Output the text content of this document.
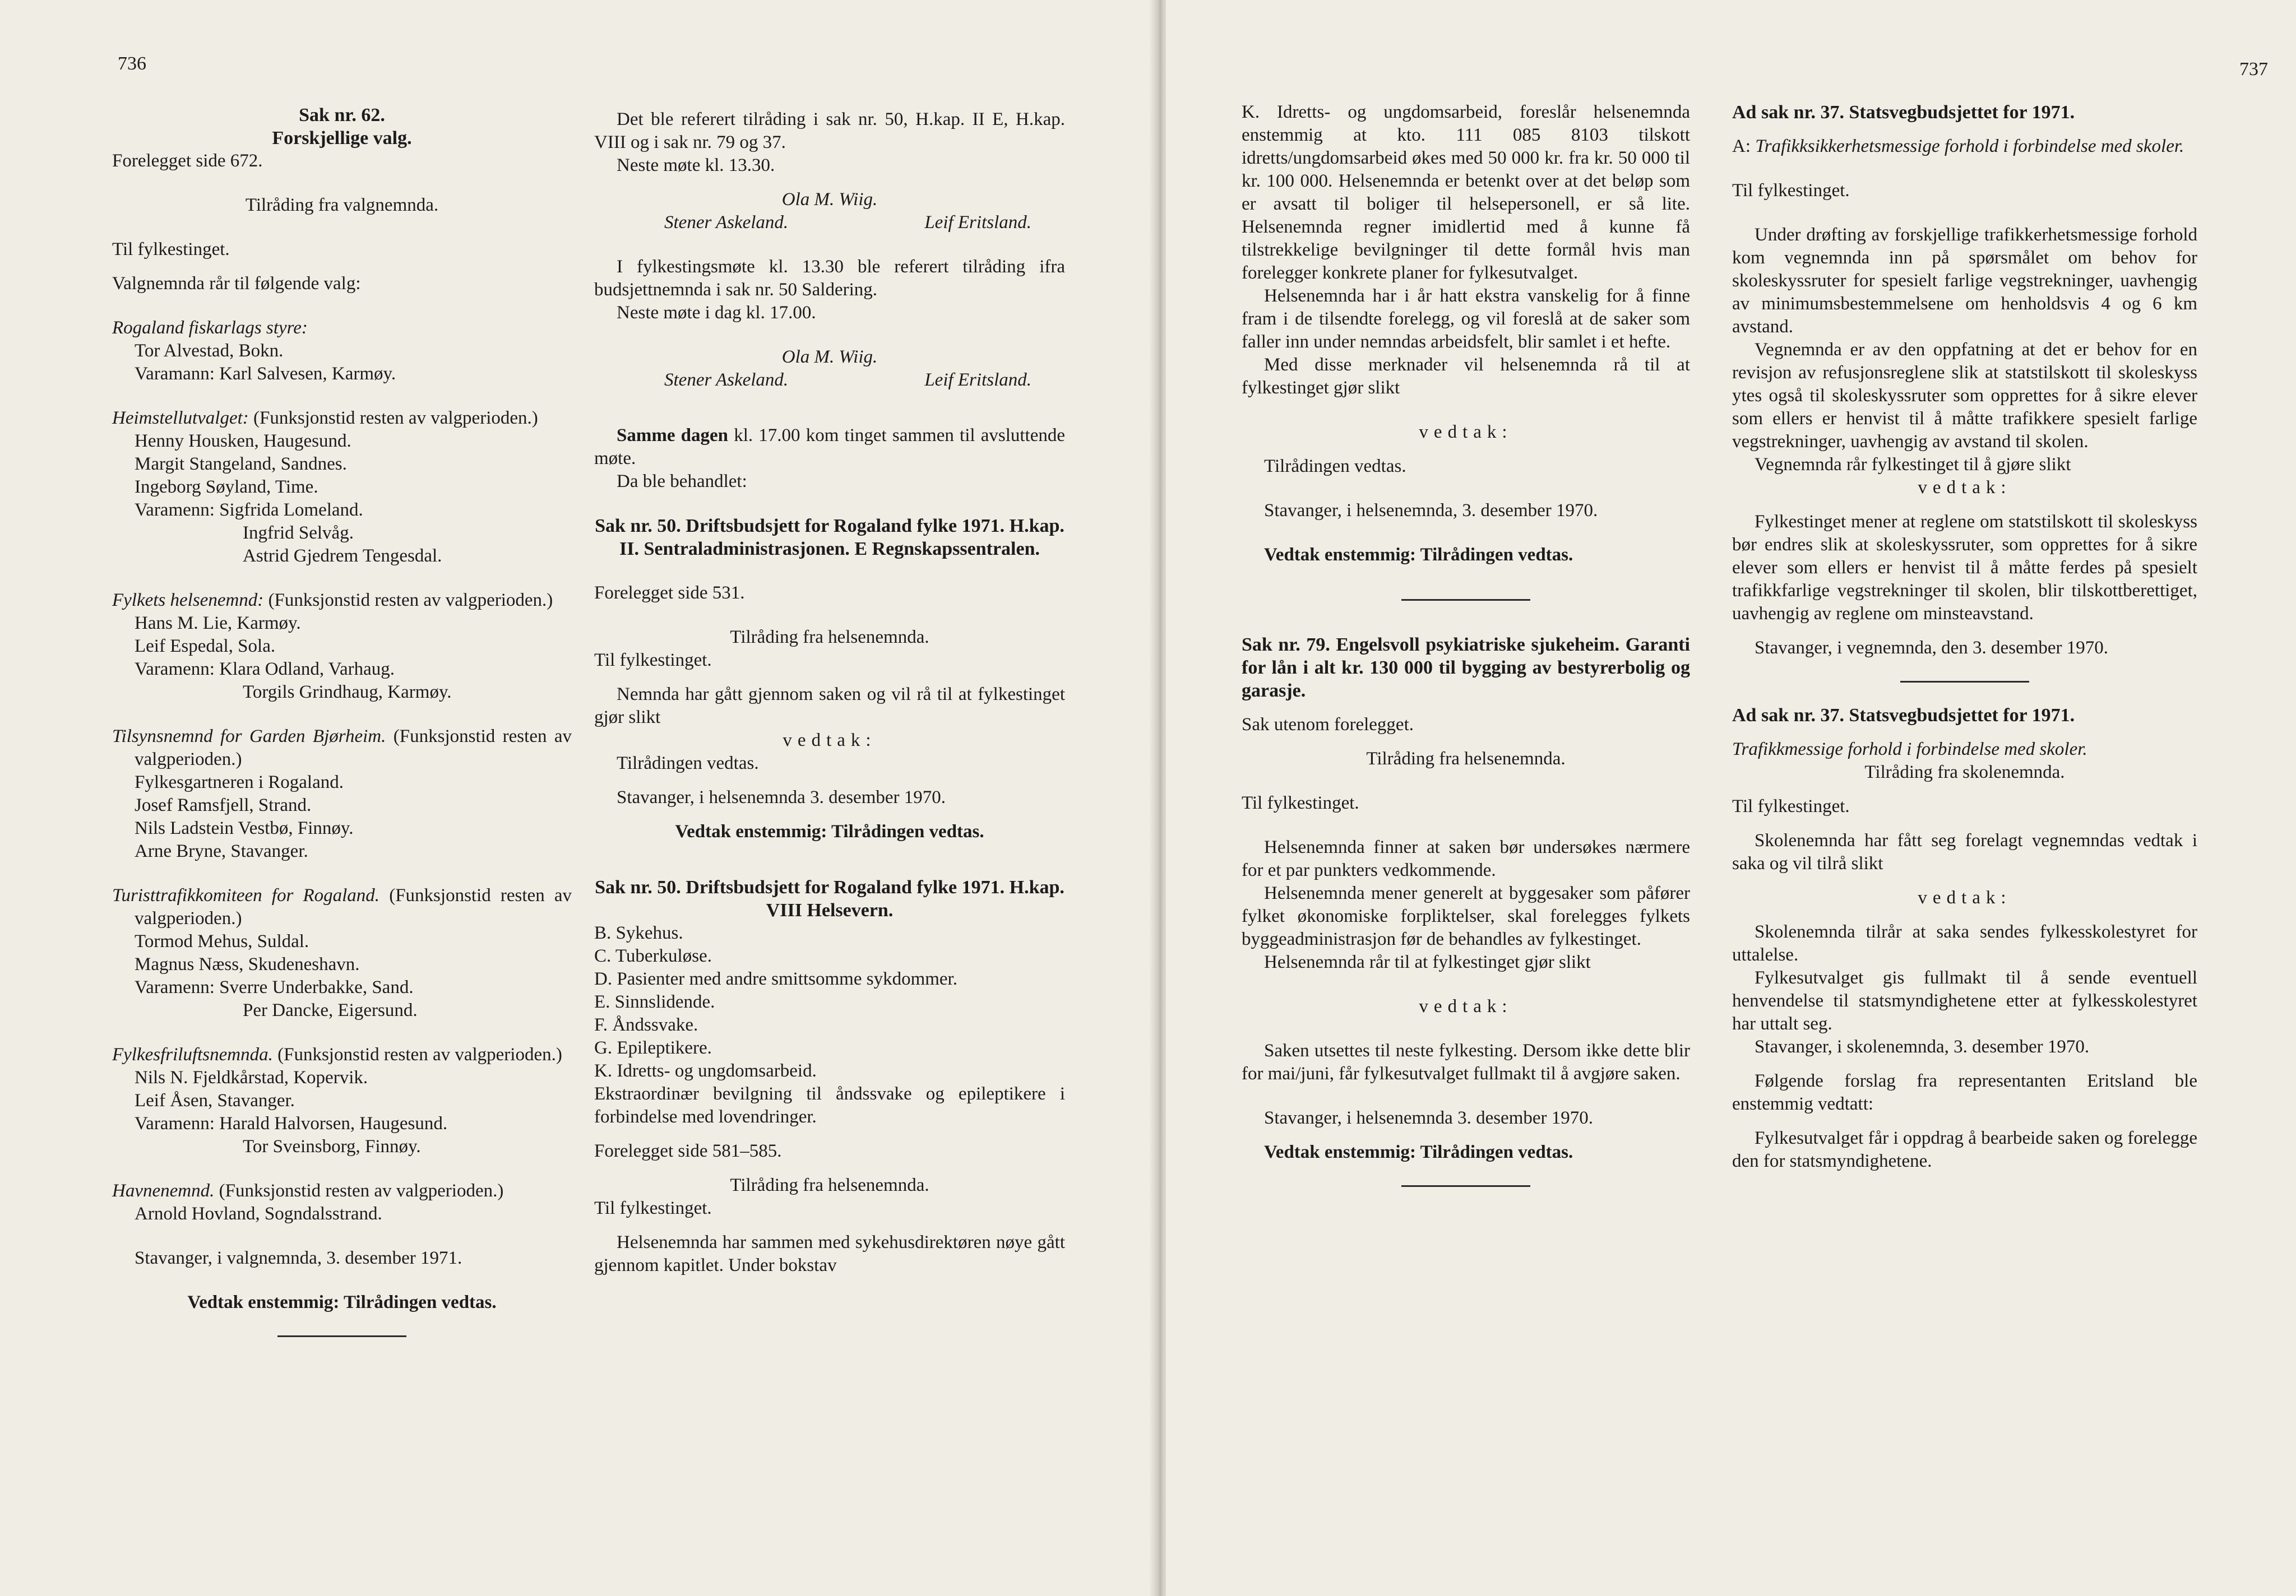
736

Sak nr. 62.

Forskjellige valg.

Forelegget side 672.

Tilråding fra valgnemnda.

Til fylkestinget.

Valgnemnda rår til følgende valg:

Rogaland fiskarlags styre:

Tor Alvestad, Bokn.

Varamann: Karl Salvesen, Karmøy.

Heimstellutvalget: (Funksjonstid resten av valgperioden.)

Henny Housken, Haugesund.

Margit Stangeland, Sandnes.

Ingeborg Søyland, Time.

Varamenn: Sigfrida Lomeland.

Ingfrid Selvåg.

Astrid Gjedrem Tengesdal.

Fylkets helsenemnd: (Funksjonstid resten av valgperioden.)

Hans M. Lie, Karmøy.

Leif Espedal, Sola.

Varamenn: Klara Odland, Varhaug.

Torgils Grindhaug, Karmøy.

Tilsynsnemnd for Garden Bjørheim. (Funksjonstid resten av valgperioden.)

Fylkesgartneren i Rogaland.

Josef Ramsfjell, Strand.

Nils Ladstein Vestbø, Finnøy.

Arne Bryne, Stavanger.

Turisttrafikkomiteen for Rogaland. (Funksjonstid resten av valgperioden.)

Tormod Mehus, Suldal.

Magnus Næss, Skudeneshavn.

Varamenn: Sverre Underbakke, Sand.

Per Dancke, Eigersund.

Fylkesfriluftsnemnda. (Funksjonstid resten av valgperioden.)

Nils N. Fjeldkårstad, Kopervik.

Leif Åsen, Stavanger.

Varamenn: Harald Halvorsen, Haugesund.

Tor Sveinsborg, Finnøy.

Havnenemnd. (Funksjonstid resten av valgperioden.)

Arnold Hovland, Sogndalsstrand.

Stavanger, i valgnemnda, 3. desember 1971.

Vedtak enstemmig: Tilrådingen vedtas.

Det ble referert tilråding i sak nr. 50, H.kap. II E, H.kap. VIII og i sak nr. 79 og 37.

Neste møte kl. 13.30.

Ola M. Wiig.

Stener Askeland.	Leif Eritsland.

I fylkestingsmøte kl. 13.30 ble referert tilråding ifra budsjettnemnda i sak nr. 50 Saldering.

Neste møte i dag kl. 17.00.

Ola M. Wiig.

Stener Askeland.	Leif Eritsland.

Samme dagen kl. 17.00 kom tinget sammen til avsluttende møte.

Da ble behandlet:

Sak nr. 50. Driftsbudsjett for Rogaland fylke 1971. H.kap. II. Sentraladministrasjonen. E Regnskapssentralen.

Forelegget side 531.

Tilråding fra helsenemnda.

Til fylkestinget.

Nemnda har gått gjennom saken og vil rå til at fylkestinget gjør slikt

vedtak:

Tilrådingen vedtas.

Stavanger, i helsenemnda 3. desember 1970.

Vedtak enstemmig: Tilrådingen vedtas.

Sak nr. 50. Driftsbudsjett for Rogaland fylke 1971. H.kap. VIII Helsevern.

B. Sykehus.

C. Tuberkuløse.

D. Pasienter med andre smittsomme sykdommer.

E. Sinnslidende.

F. Åndssvake.

G. Epileptikere.

K. Idretts- og ungdomsarbeid.

Ekstraordinær bevilgning til åndssvake og epileptikere i forbindelse med lovendringer.

Forelegget side 581–585.

Tilråding fra helsenemnda.

Til fylkestinget.

Helsenemnda har sammen med sykehusdirektøren nøye gått gjennom kapitlet. Under bokstav

737

K. Idretts- og ungdomsarbeid, foreslår helsenemnda enstemmig at kto. 111 085 8103 tilskott idretts/ungdomsarbeid økes med 50 000 kr. fra kr. 50 000 til kr. 100 000. Helsenemnda er betenkt over at det beløp som er avsatt til boliger til helsepersonell, er så lite. Helsenemnda regner imidlertid med å kunne få tilstrekkelige bevilgninger til dette formål hvis man forelegger konkrete planer for fylkesutvalget.

Helsenemnda har i år hatt ekstra vanskelig for å finne fram i de tilsendte forelegg, og vil foreslå at de saker som faller inn under nemndas arbeidsfelt, blir samlet i et hefte.

Med disse merknader vil helsenemnda rå til at fylkestinget gjør slikt

vedtak:

Tilrådingen vedtas.

Stavanger, i helsenemnda, 3. desember 1970.

Vedtak enstemmig: Tilrådingen vedtas.

Sak nr. 79. Engelsvoll psykiatriske sjukeheim. Garanti for lån i alt kr. 130 000 til bygging av bestyrerbolig og garasje.

Sak utenom forelegget.

Tilråding fra helsenemnda.

Til fylkestinget.

Helsenemnda finner at saken bør undersøkes nærmere for et par punkters vedkommende.

Helsenemnda mener generelt at byggesaker som påfører fylket økonomiske forpliktelser, skal forelegges fylkets byggeadministrasjon før de behandles av fylkestinget.

Helsenemnda rår til at fylkestinget gjør slikt

vedtak:

Saken utsettes til neste fylkesting. Dersom ikke dette blir for mai/juni, får fylkesutvalget fullmakt til å avgjøre saken.

Stavanger, i helsenemnda 3. desember 1970.

Vedtak enstemmig: Tilrådingen vedtas.

Ad sak nr. 37. Statsvegbudsjettet for 1971.

A: Trafikksikkerhetsmessige forhold i forbindelse med skoler.

Til fylkestinget.

Under drøfting av forskjellige trafikkerhetsmessige forhold kom vegnemnda inn på spørsmålet om behov for skoleskyssruter for spesielt farlige vegstrekninger, uavhengig av minimumsbestemmelsene om henholdsvis 4 og 6 km avstand.

Vegnemnda er av den oppfatning at det er behov for en revisjon av refusjonsreglene slik at statstilskott til skoleskyss ytes også til skoleskyssruter som opprettes for å sikre elever som ellers er henvist til å måtte trafikkere spesielt farlige vegstrekninger, uavhengig av avstand til skolen.

Vegnemnda rår fylkestinget til å gjøre slikt

vedtak:

Fylkestinget mener at reglene om statstilskott til skoleskyss bør endres slik at skoleskyssruter, som opprettes for å sikre elever som ellers er henvist til å måtte ferdes på spesielt trafikkfarlige vegstrekninger til skolen, blir tilskottberettiget, uavhengig av reglene om minsteavstand.

Stavanger, i vegnemnda, den 3. desember 1970.

Ad sak nr. 37. Statsvegbudsjettet for 1971.

Trafikkmessige forhold i forbindelse med skoler.

Tilråding fra skolenemnda.

Til fylkestinget.

Skolenemnda har fått seg forelagt vegnemndas vedtak i saka og vil tilrå slikt

vedtak:

Skolenemnda tilrår at saka sendes fylkesskolestyret for uttalelse.

Fylkesutvalget gis fullmakt til å sende eventuell henvendelse til statsmyndighetene etter at fylkesskolestyret har uttalt seg.

Stavanger, i skolenemnda, 3. desember 1970.

Følgende forslag fra representanten Eritsland ble enstemmig vedtatt:

Fylkesutvalget får i oppdrag å bearbeide saken og forelegge den for statsmyndighetene.
